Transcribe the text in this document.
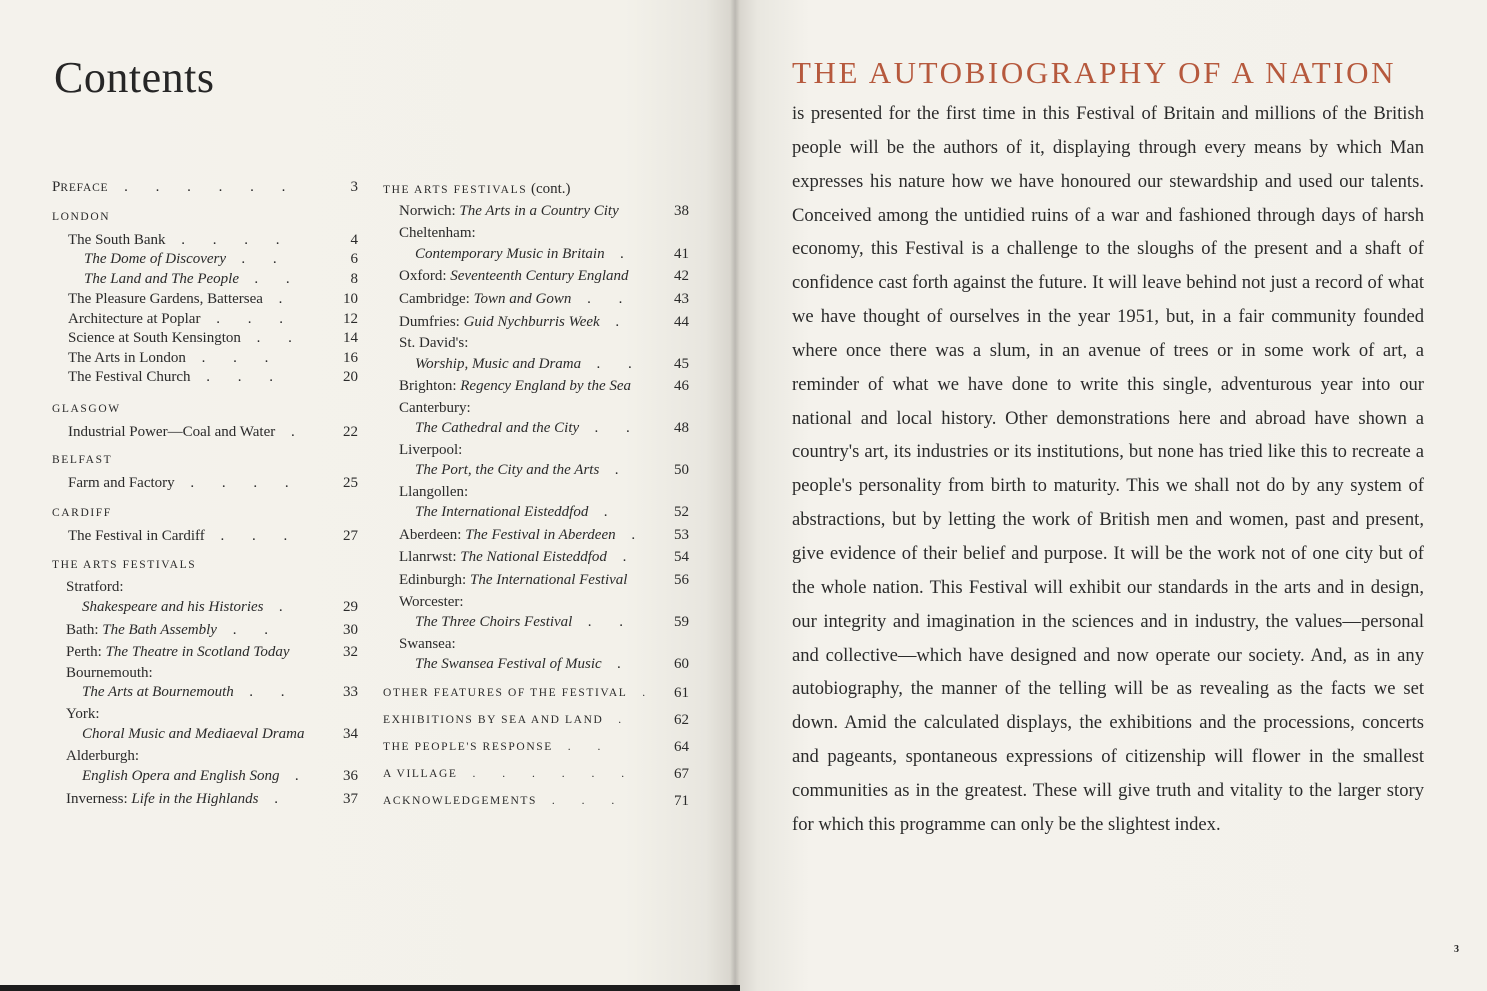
Contents
PREFACE . . . . . .	3
LONDON
The South Bank . . . .	4
The Dome of Discovery . .	6
The Land and The People . .	8
The Pleasure Gardens, Battersea .	10
Architecture at Poplar . . .	12
Science at South Kensington . .	14
The Arts in London . . .	16
The Festival Church . . .	20
GLASGOW
Industrial Power—Coal and Water . 22
BELFAST
Farm and Factory . . . .	25
CARDIFF
The Festival in Cardiff . . .	27
THE ARTS FESTIVALS
Stratford:
Shakespeare and his Histories .	29
Bath: The Bath Assembly . .	30
Perth: The Theatre in Scotland Today	32
Bournemouth:
The Arts at Bournemouth . .	33
York:
Choral Music and Mediaeval Drama	34
Alderburgh:
English Opera and English Song . 36
Inverness: Life in the Highlands .	37
THE ARTS FESTIVALS (cont.)
Norwich: The Arts in a Country City	38
Cheltenham:
Contemporary Music in Britain .	41
Oxford: Seventeenth Century England	42
Cambridge: Town and Gown . .	43
Dumfries: Guid Nychburris Week .	44
St. David's:
Worship, Music and Drama . . 45
Brighton: Regency England by the Sea	46
Canterbury:
The Cathedral and the City . . 48
Liverpool:
The Port, the City and the Arts .	50
Llangollen:
The International Eisteddfod .	52
Aberdeen: The Festival in Aberdeen . 53
Llanrwst: The National Eisteddfod . 54
Edinburgh: The International Festival	56
Worcester:
The Three Choirs Festival . .	59
Swansea:
The Swansea Festival of Music .	60
OTHER FEATURES OF THE FESTIVAL . 61
EXHIBITIONS BY SEA AND LAND .	62
THE PEOPLE'S RESPONSE . .	64
A VILLAGE . . . . . .	67
ACKNOWLEDGEMENTS . . .	71
THE AUTOBIOGRAPHY OF A NATION
is presented for the first time in this Festival of Britain and millions of the British people will be the authors of it, displaying through every means by which Man expresses his nature how we have honoured our stewardship and used our talents. Conceived among the untidied ruins of a war and fashioned through days of harsh economy, this Festival is a challenge to the sloughs of the present and a shaft of confidence cast forth against the future. It will leave behind not just a record of what we have thought of ourselves in the year 1951, but, in a fair community founded where once there was a slum, in an avenue of trees or in some work of art, a reminder of what we have done to write this single, adventurous year into our national and local history. Other demonstrations here and abroad have shown a country's art, its industries or its institutions, but none has tried like this to recreate a people's personality from birth to maturity. This we shall not do by any system of abstractions, but by letting the work of British men and women, past and present, give evidence of their belief and purpose. It will be the work not of one city but of the whole nation. This Festival will exhibit our standards in the arts and in design, our integrity and imagination in the sciences and in industry, the values—personal and collective—which have designed and now operate our society. And, as in any autobiography, the manner of the telling will be as revealing as the facts we set down. Amid the calculated displays, the exhibitions and the processions, concerts and pageants, spontaneous expressions of citizenship will flower in the smallest communities as in the greatest. These will give truth and vitality to the larger story for which this programme can only be the slightest index.
3
